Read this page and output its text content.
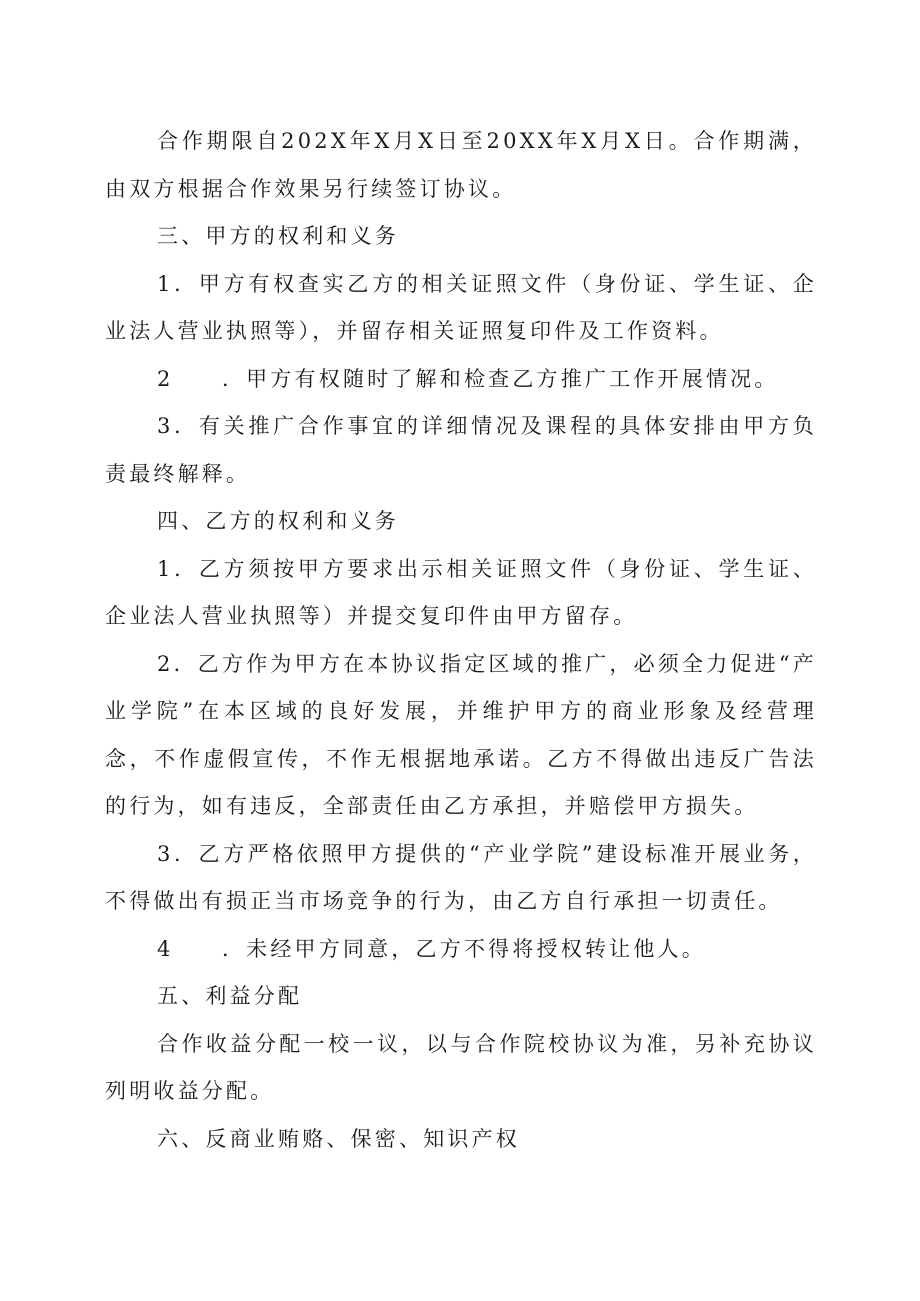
合作期限自202X年X月X日至20XX年X月X日。合作期满，由双方根据合作效果另行续签订协议。

三、甲方的权利和义务

1．甲方有权查实乙方的相关证照文件（身份证、学生证、企业法人营业执照等），并留存相关证照复印件及工作资料。

2　　．甲方有权随时了解和检查乙方推广工作开展情况。

3．有关推广合作事宜的详细情况及课程的具体安排由甲方负责最终解释。

四、乙方的权利和义务

1．乙方须按甲方要求出示相关证照文件（身份证、学生证、企业法人营业执照等）并提交复印件由甲方留存。

2．乙方作为甲方在本协议指定区域的推广，必须全力促进“产业学院”在本区域的良好发展，并维护甲方的商业形象及经营理念，不作虚假宣传，不作无根据地承诺。乙方不得做出违反广告法的行为，如有违反，全部责任由乙方承担，并赔偿甲方损失。

3．乙方严格依照甲方提供的“产业学院”建设标准开展业务，不得做出有损正当市场竞争的行为，由乙方自行承担一切责任。

4　　．未经甲方同意，乙方不得将授权转让他人。

五、利益分配

合作收益分配一校一议，以与合作院校协议为准，另补充协议列明收益分配。

六、反商业贿赂、保密、知识产权
